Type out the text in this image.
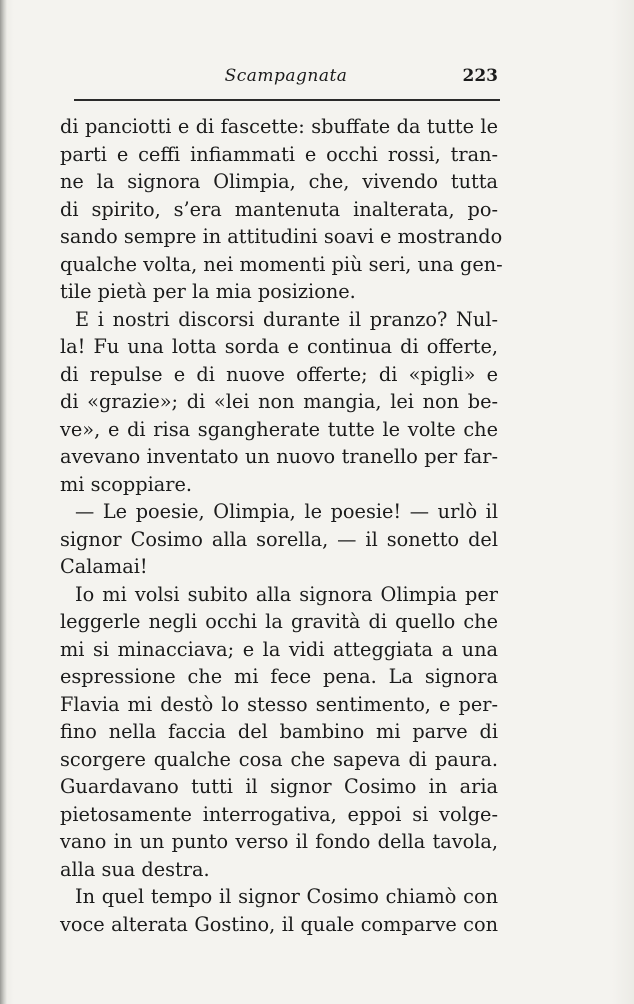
Scampagnata	223
di panciotti e di fascette: sbuffate da tutte le
parti e ceffi infiammati e occhi rossi, tran-
ne la signora Olimpia, che, vivendo tutta
di spirito, s’era mantenuta inalterata, po-
sando sempre in attitudini soavi e mostrando
qualche volta, nei momenti più seri, una gen-
tile pietà per la mia posizione.
E i nostri discorsi durante il pranzo? Nul-
la! Fu una lotta sorda e continua di offerte,
di repulse e di nuove offerte; di «pigli» e
di «grazie»; di «lei non mangia, lei non be-
ve», e di risa sgangherate tutte le volte che
avevano inventato un nuovo tranello per far-
mi scoppiare.
— Le poesie, Olimpia, le poesie! — urlò il
signor Cosimo alla sorella, — il sonetto del
Calamai!
Io mi volsi subito alla signora Olimpia per
leggerle negli occhi la gravità di quello che
mi si minacciava; e la vidi atteggiata a una
espressione che mi fece pena. La signora
Flavia mi destò lo stesso sentimento, e per-
fino nella faccia del bambino mi parve di
scorgere qualche cosa che sapeva di paura.
Guardavano tutti il signor Cosimo in aria
pietosamente interrogativa, eppoi si volge-
vano in un punto verso il fondo della tavola,
alla sua destra.
In quel tempo il signor Cosimo chiamò con
voce alterata Gostino, il quale comparve con
